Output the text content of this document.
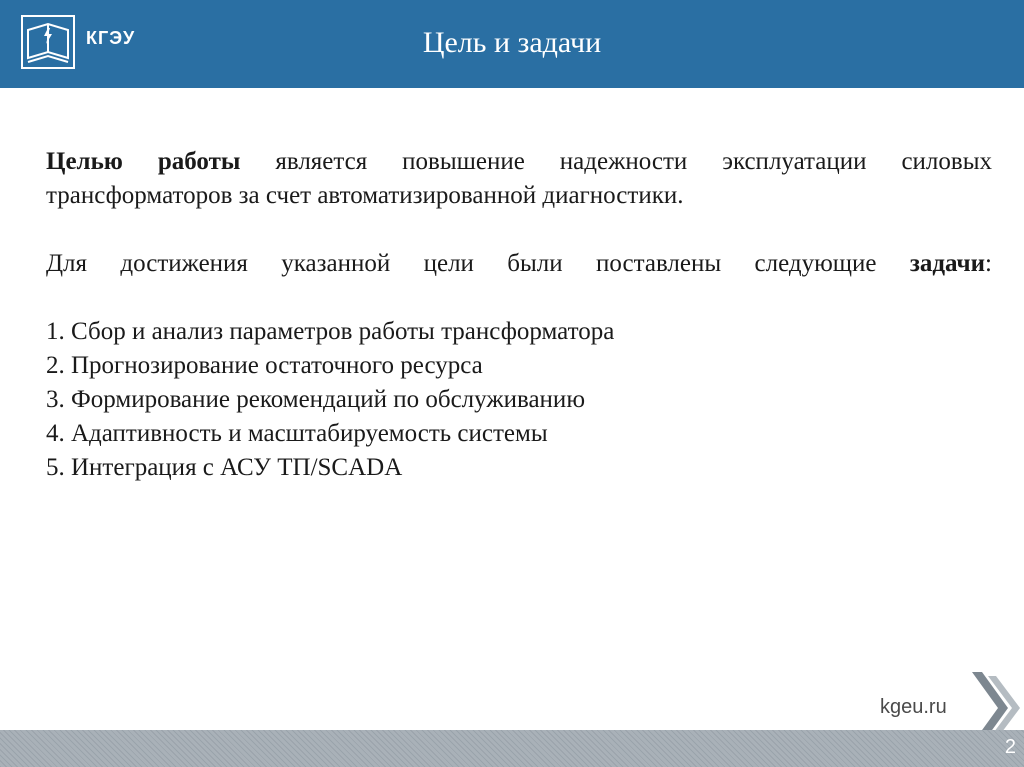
КГЭУ	Цель и задачи

Целью работы является повышение надежности эксплуатации силовых трансформаторов за счет автоматизированной диагностики.

Для достижения указанной цели были поставлены следующие задачи:

1. Сбор и анализ параметров работы трансформатора
2. Прогнозирование остаточного ресурса
3. Формирование рекомендаций по обслуживанию
4. Адаптивность и масштабируемость системы
5. Интеграция с АСУ ТП/SCADA
kgeu.ru
2
